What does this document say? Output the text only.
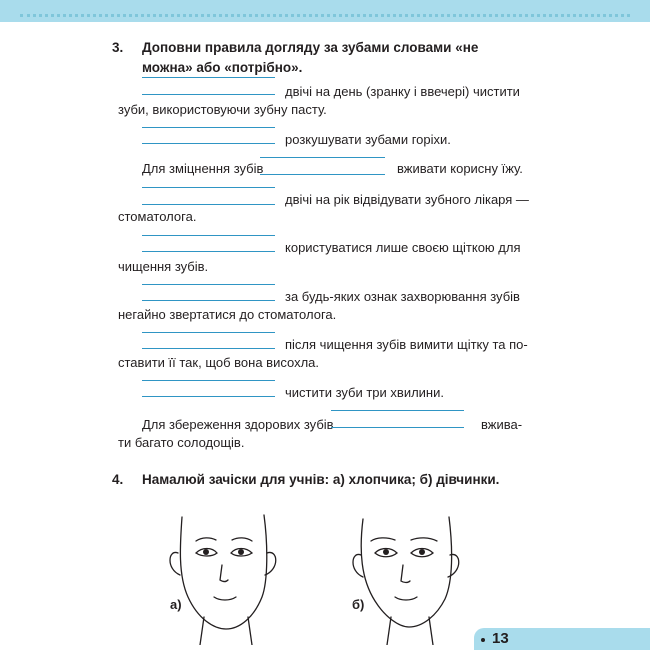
3. Доповни правила догляду за зубами словами «не можна» або «потрібно».
двічі на день (зранку і ввечері) чистити
зуби, використовуючи зубну пасту.
розкушувати зубами горіхи.
Для зміцнення зубів	вживати корисну їжу.
двічі на рік відвідувати зубного лікаря —
стоматолога.
користуватися лише своєю щіткою для
чищення зубів.
за будь-яких ознак захворювання зубів
негайно звертатися до стоматолога.
після чищення зубів вимити щітку та по-
ставити її так, щоб вона висохла.
чистити зуби три хвилини.
Для збереження здорових зубів	вжива-
ти багато солодощів.
4. Намалюй зачіски для учнів: а) хлопчика; б) дівчинки.
а)	б)
13
